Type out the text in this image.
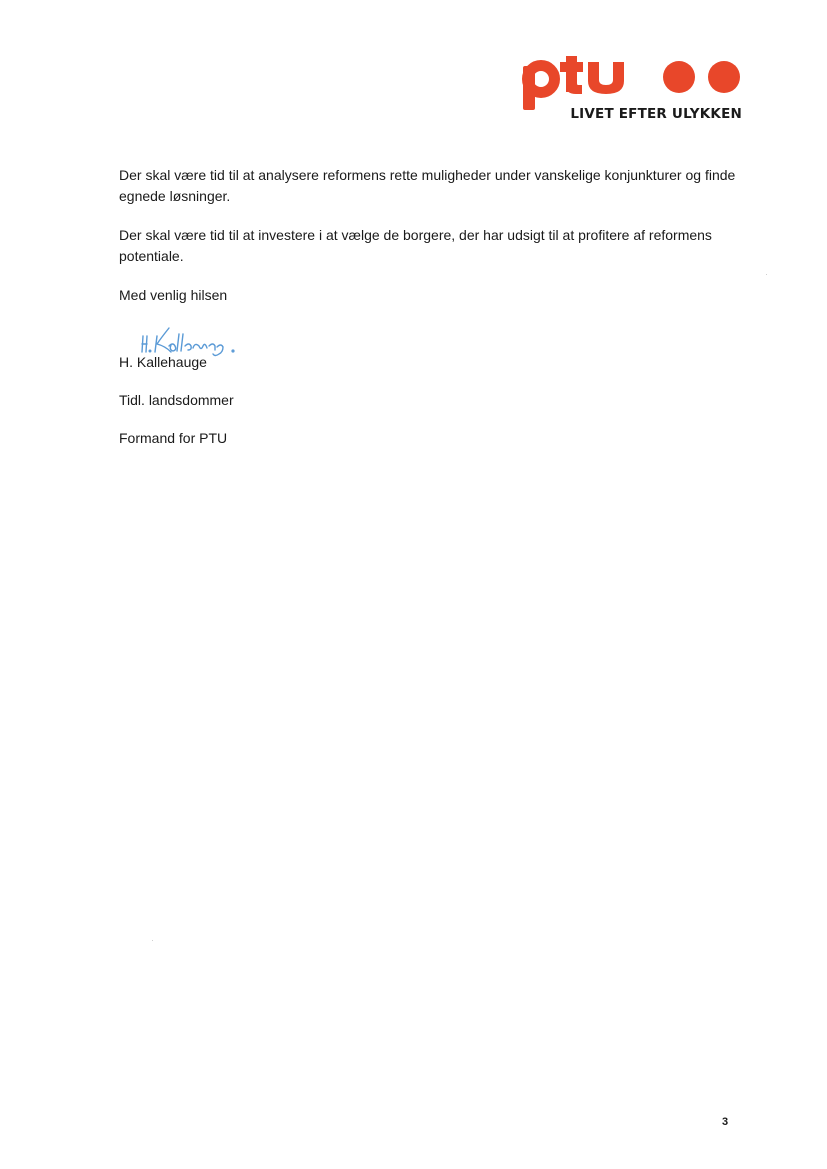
LIVET EFTER ULYKKEN

Der skal være tid til at analysere reformens rette muligheder under vanskelige konjunkturer og finde egnede løsninger.

Der skal være tid til at investere i at vælge de borgere, der har udsigt til at profitere af reformens potentiale.

Med venlig hilsen

H. Kallehauge

Tidl. landsdommer

Formand for PTU

3
